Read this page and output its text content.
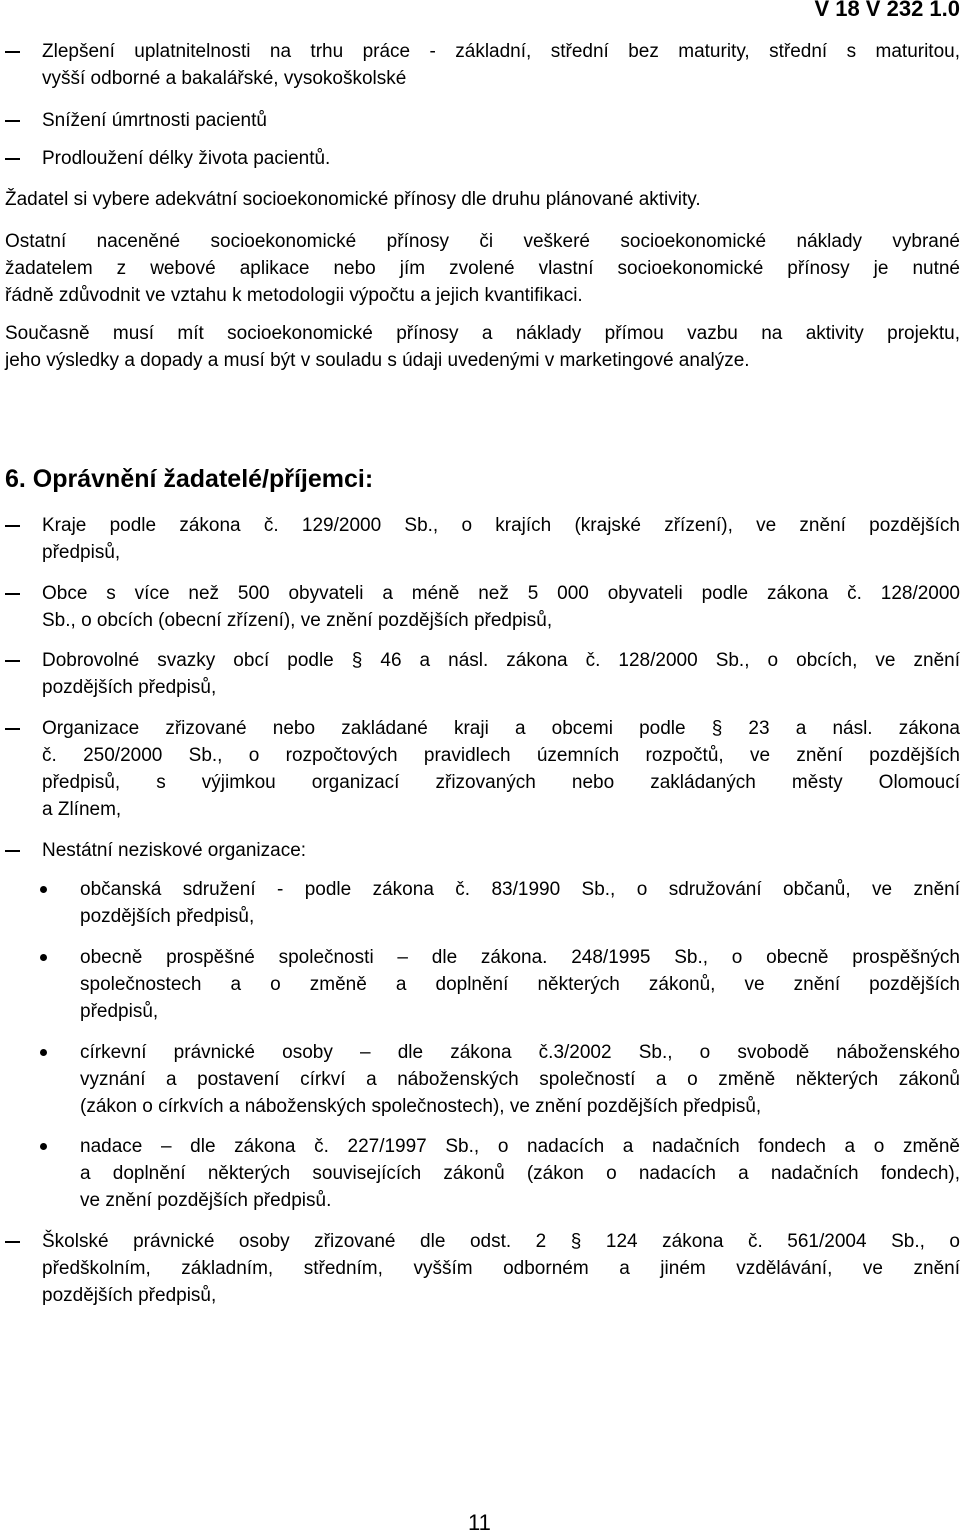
V 18 V 232 1.0
Zlepšení uplatnitelnosti na trhu práce - základní, střední bez maturity, střední s maturitou,
vyšší odborné a bakalářské, vysokoškolské
Snížení úmrtnosti pacientů
Prodloužení délky života pacientů.
Žadatel si vybere adekvátní socioekonomické přínosy dle druhu plánované aktivity.
Ostatní naceněné socioekonomické přínosy či veškeré socioekonomické náklady vybrané
žadatelem z webové aplikace nebo jím zvolené vlastní socioekonomické přínosy je nutné
řádně zdůvodnit ve vztahu k metodologii výpočtu a jejich kvantifikaci.
Současně musí mít socioekonomické přínosy a náklady přímou vazbu na aktivity projektu,
jeho výsledky a dopady a musí být v souladu s údaji uvedenými v marketingové analýze.
6. Oprávnění žadatelé/příjemci:
Kraje podle zákona č. 129/2000 Sb., o krajích (krajské zřízení), ve znění pozdějších
předpisů,
Obce s více než 500 obyvateli a méně než 5 000 obyvateli podle zákona č. 128/2000
Sb., o obcích (obecní zřízení), ve znění pozdějších předpisů,
Dobrovolné svazky obcí podle § 46 a násl. zákona č. 128/2000 Sb., o obcích, ve znění
pozdějších předpisů,
Organizace zřizované nebo zakládané kraji a obcemi podle § 23 a násl. zákona
č. 250/2000 Sb., o rozpočtových pravidlech územních rozpočtů, ve znění pozdějších
předpisů, s výjimkou organizací zřizovaných nebo zakládaných městy Olomoucí
a Zlínem,
Nestátní neziskové organizace:
občanská sdružení - podle zákona č. 83/1990 Sb., o sdružování občanů, ve znění
pozdějších předpisů,
obecně prospěšné společnosti – dle zákona. 248/1995 Sb., o obecně prospěšných
společnostech a o změně a doplnění některých zákonů, ve znění pozdějších
předpisů,
církevní právnické osoby – dle zákona č.3/2002 Sb., o svobodě náboženského
vyznání a postavení církví a náboženských společností a o změně některých zákonů
(zákon o církvích a náboženských společnostech), ve znění pozdějších předpisů,
nadace – dle zákona č. 227/1997 Sb., o nadacích a nadačních fondech a o změně
a doplnění některých souvisejících zákonů (zákon o nadacích a nadačních fondech),
ve znění pozdějších předpisů.
Školské právnické osoby zřizované dle odst. 2 § 124 zákona č. 561/2004 Sb., o
předškolním, základním, středním, vyšším odborném a jiném vzdělávání, ve znění
pozdějších předpisů,
11
